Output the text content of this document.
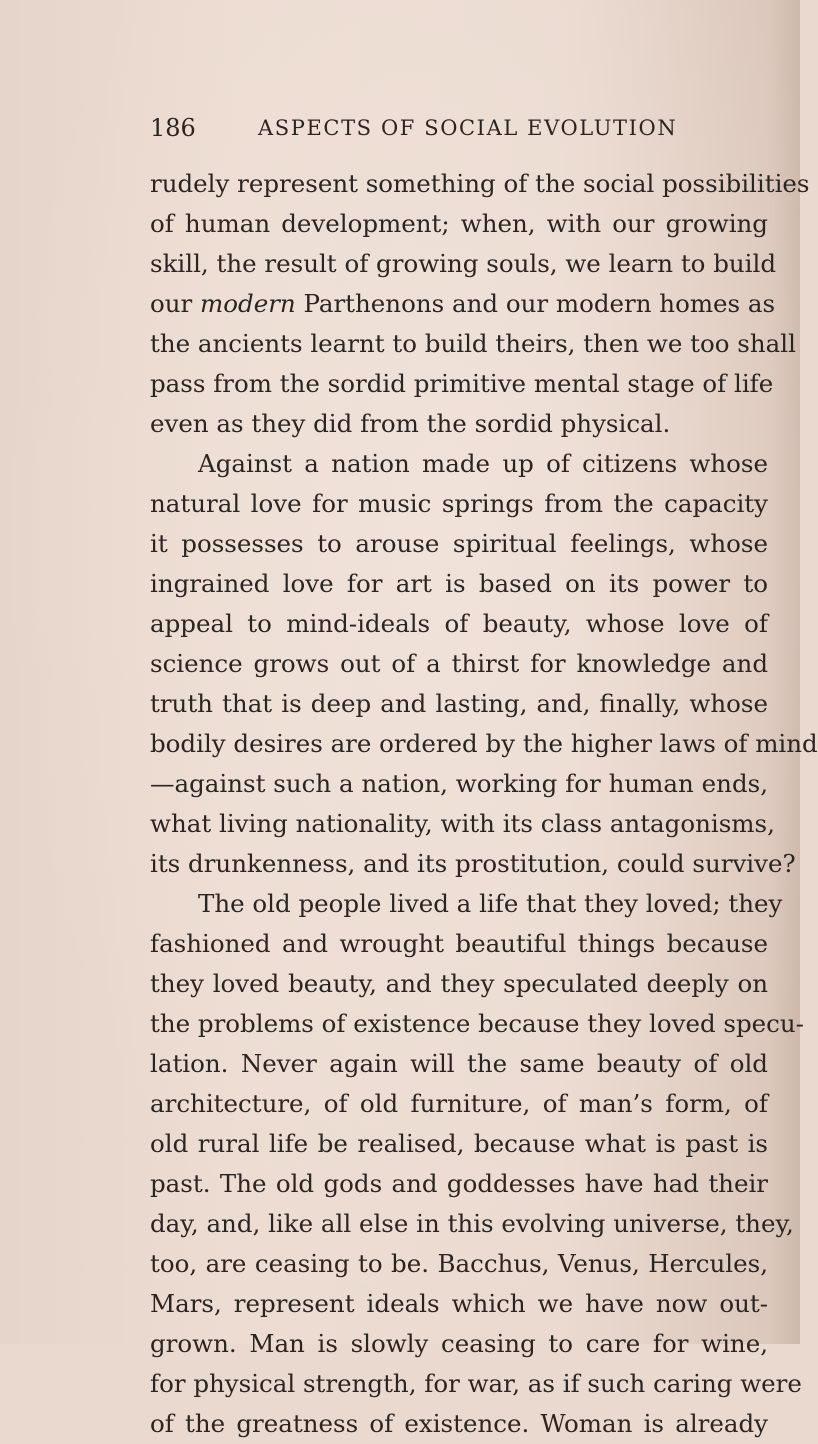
186	ASPECTS OF SOCIAL EVOLUTION
rudely represent something of the social possibilities
of human development; when, with our growing
skill, the result of growing souls, we learn to build
our modern Parthenons and our modern homes as
the ancients learnt to build theirs, then we too shall
pass from the sordid primitive mental stage of life
even as they did from the sordid physical.
Against a nation made up of citizens whose
natural love for music springs from the capacity
it possesses to arouse spiritual feelings, whose
ingrained love for art is based on its power to
appeal to mind-ideals of beauty, whose love of
science grows out of a thirst for knowledge and
truth that is deep and lasting, and, finally, whose
bodily desires are ordered by the higher laws of mind
—against such a nation, working for human ends,
what living nationality, with its class antagonisms,
its drunkenness, and its prostitution, could survive?
The old people lived a life that they loved; they
fashioned and wrought beautiful things because
they loved beauty, and they speculated deeply on
the problems of existence because they loved specu-
lation. Never again will the same beauty of old
architecture, of old furniture, of man’s form, of
old rural life be realised, because what is past is
past. The old gods and goddesses have had their
day, and, like all else in this evolving universe, they,
too, are ceasing to be. Bacchus, Venus, Hercules,
Mars, represent ideals which we have now out-
grown. Man is slowly ceasing to care for wine,
for physical strength, for war, as if such caring were
of the greatness of existence. Woman is already
